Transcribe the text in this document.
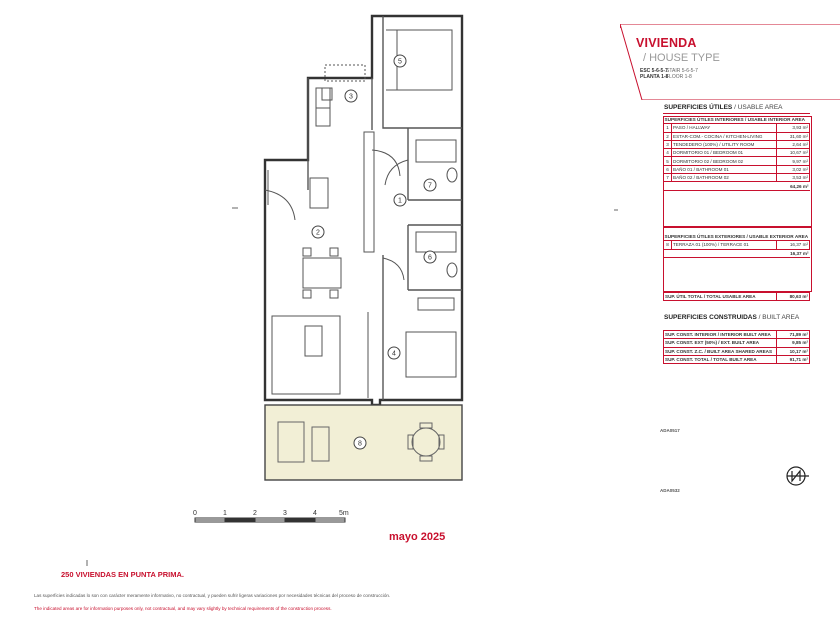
1
2
3
4
5
6
7
8
0	1	2	3	4	5m
VIVIENDA
/ HOUSE TYPE
ESC 5-6-5-7
PLANTA 1-8
STAIR 5-6-5-7
FLOOR 1-8
SUPERFICIES ÚTILES / USABLE AREA
SUPERFICIES ÚTILES INTERIORES / USABLE INTERIOR AREA		
1	PASO / HALLWAY	3,93 m²
2	ESTAR-COM.- COCINA / KITCHEN-LIVING	31,60 m²
3	TENDEDERO (100%) / UTILITY ROOM	2,64 m²
4	DORMITORIO 01 / BEDROOM 01	10,67 m²
5	DORMITORIO 02 / BEDROOM 02	9,97 m²
6	BAÑO 01 / BATHROOM 01	3,02 m²
7	BAÑO 02 / BATHROOM 02	3,53 m²
64,26 m²		
SUPERFICIES ÚTILES EXTERIORES / USABLE EXTERIOR AREA
8	TERRAZA 01 (100%) / TERRACE 01	16,37 m²
16,37 m²
SUP. ÚTIL TOTAL / TOTAL USABLE AREA	80,63 m²
SUPERFICIES CONSTRUIDAS / BUILT AREA
SUP. CONST. INTERIOR / INTERIOR BUILT AREA	71,89 m²
SUP. CONST. EXT (50%) / EXT. BUILT AREA	9,85 m²
SUP. CONST. Z.C. / BUILT AREA SHARED AREAS	10,17 m²
SUP. CONST. TOTAL / TOTAL BUILT AREA	91,71 m²
ADA0517
ADA0532
mayo 2025
250 VIVIENDAS EN PUNTA PRIMA.
Las superficies indicadas lo son con carácter meramente informativo, no contractual, y pueden sufrir ligeras variaciones por necesidades técnicas del proceso de construcción.
The indicated areas are for information purposes only, not contractual, and may vary slightly by technical requirements of the construction process.
